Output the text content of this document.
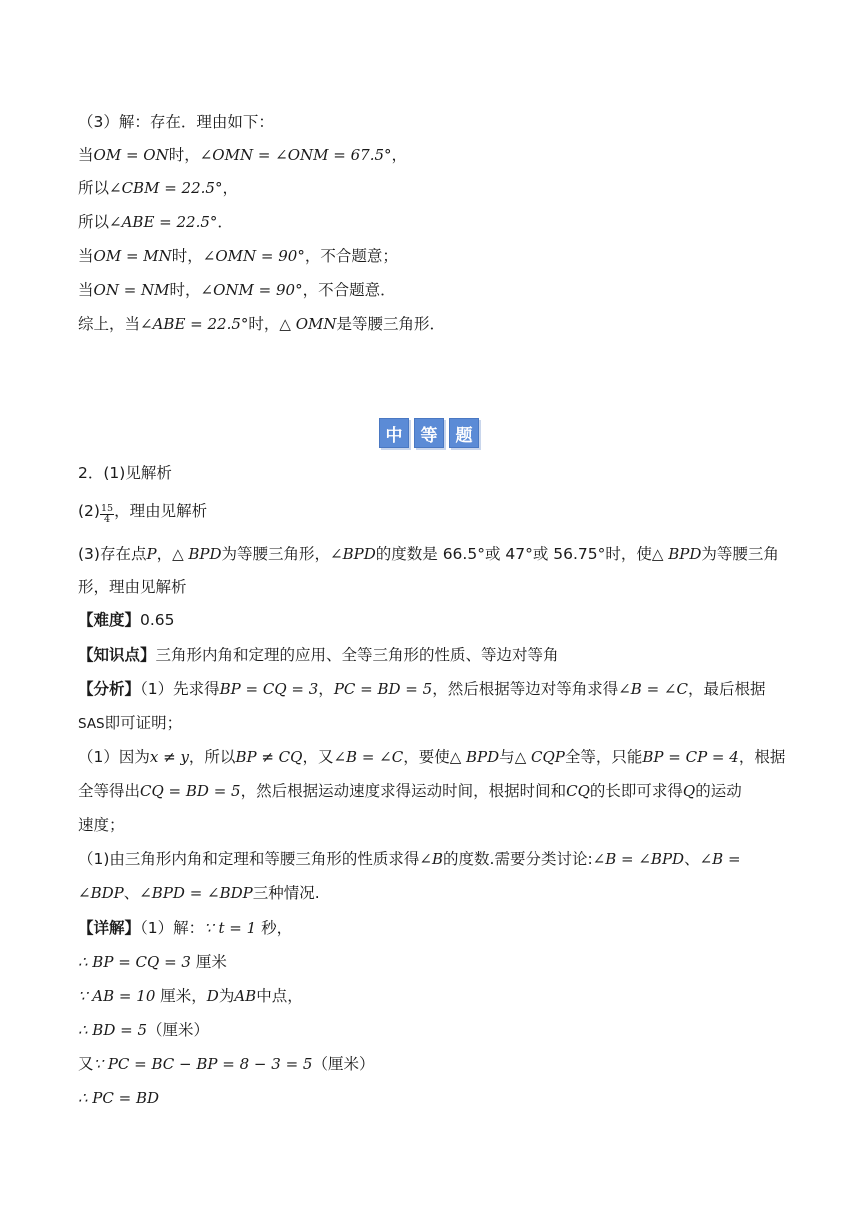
（3）解：存在．理由如下：
当OM = ON时，∠OMN = ∠ONM = 67.5°，
所以∠CBM = 22.5°，
所以∠ABE = 22.5°．
当OM = MN时，∠OMN = 90°，不合题意；
当ON = NM时，∠ONM = 90°，不合题意．
综上，当∠ABE = 22.5°时，△ OMN是等腰三角形．
中	等	题
2．(1)见解析
$(2) \frac{15}{4}$ ，理由见解析
(3)存在点P，△ BPD为等腰三角形，∠BPD的度数是 66.5°或 47°或 56.75°时，使△ BPD为等腰三角
形，理由见解析
【难度】0.65
【知识点】三角形内角和定理的应用、全等三角形的性质、等边对等角
【分析】（1）先求得BP = CQ = 3，PC = BD = 5，然后根据等边对等角求得∠B = ∠C，最后根据
SAS即可证明；
（1）因为x ≠ y，所以BP ≠ CQ，又∠B = ∠C，要使△ BPD与△ CQP全等，只能BP = CP = 4，根据
全等得出CQ = BD = 5，然后根据运动速度求得运动时间，根据时间和CQ的长即可求得Q的运动
速度；
（1)由三角形内角和定理和等腰三角形的性质求得∠B的度数.需要分类讨论:∠B = ∠BPD、∠B =
∠BDP、∠BPD = ∠BDP三种情况.
【详解】（1）解：∵ t = 1 秒，
∴ BP = CQ = 3 厘米
∵ AB = 10 厘米，D为AB中点，
∴ BD = 5（厘米）
又∵ PC = BC − BP = 8 − 3 = 5（厘米）
∴ PC = BD
